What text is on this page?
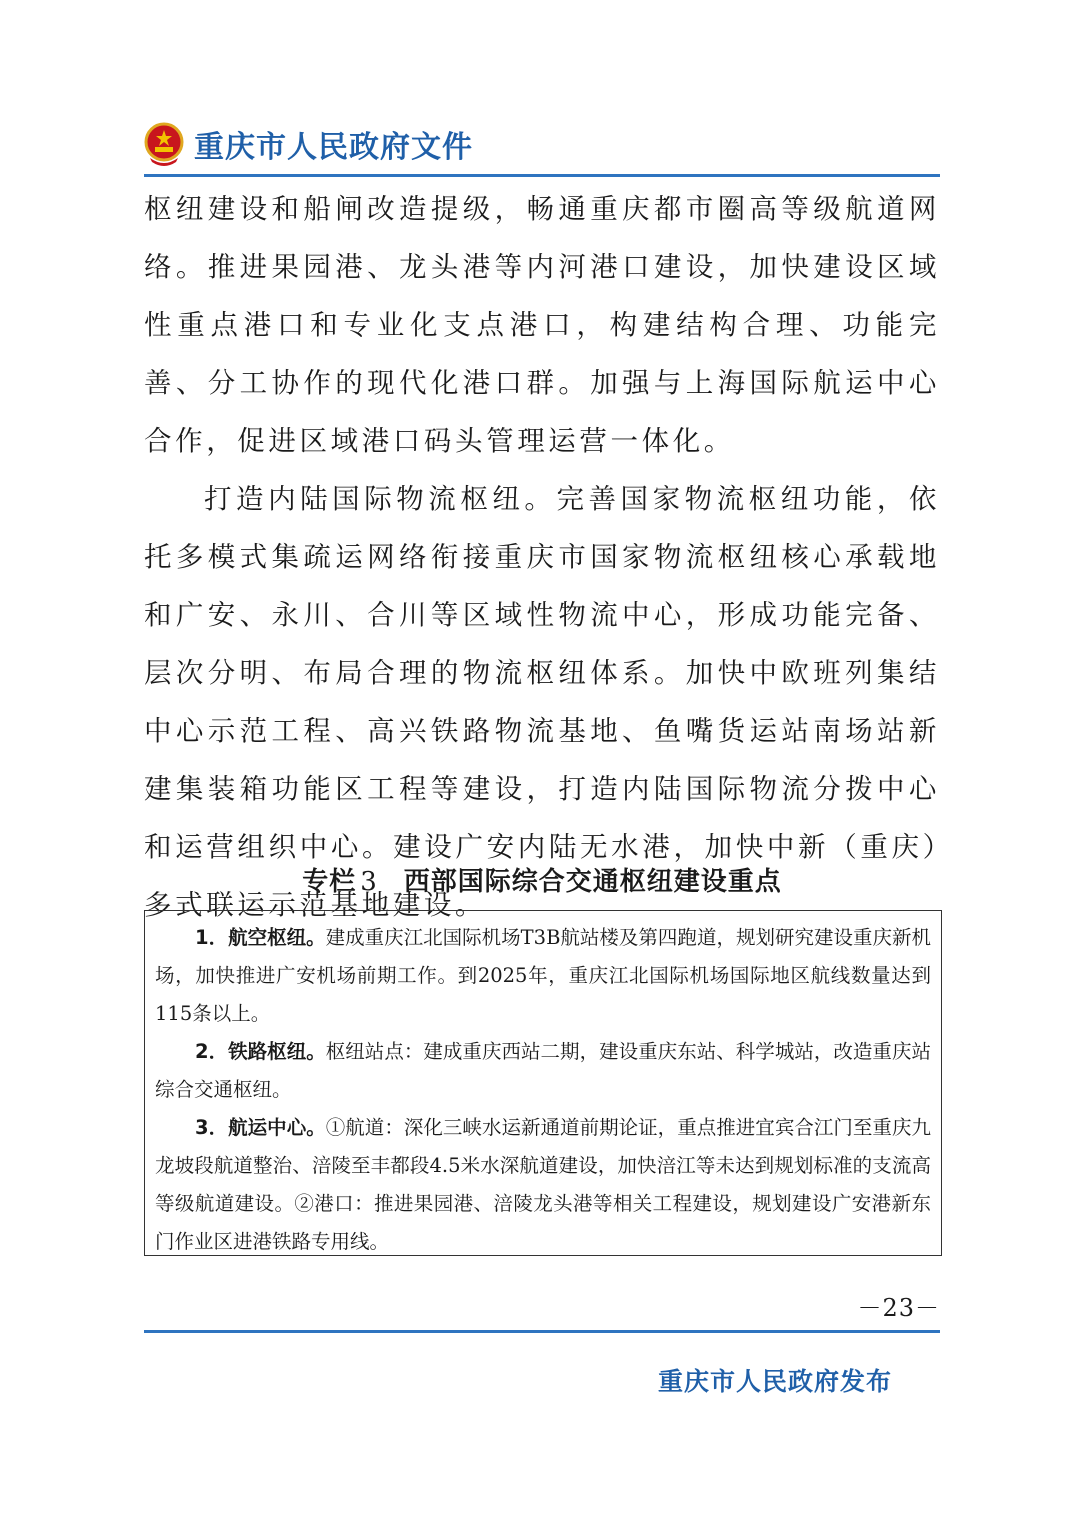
重庆市人民政府文件

枢纽建设和船闸改造提级，畅通重庆都市圈高等级航道网络。推进果园港、龙头港等内河港口建设，加快建设区域性重点港口和专业化支点港口，构建结构合理、功能完善、分工协作的现代化港口群。加强与上海国际航运中心合作，促进区域港口码头管理运营一体化。

打造内陆国际物流枢纽。完善国家物流枢纽功能，依托多模式集疏运网络衔接重庆市国家物流枢纽核心承载地和广安、永川、合川等区域性物流中心，形成功能完备、层次分明、布局合理的物流枢纽体系。加快中欧班列集结中心示范工程、高兴铁路物流基地、鱼嘴货运站南场站新建集装箱功能区工程等建设，打造内陆国际物流分拨中心和运营组织中心。建设广安内陆无水港，加快中新（重庆）多式联运示范基地建设。

专栏 3 西部国际综合交通枢纽建设重点

1．航空枢纽。建成重庆江北国际机场T3B航站楼及第四跑道，规划研究建设重庆新机场，加快推进广安机场前期工作。到2025年，重庆江北国际机场国际地区航线数量达到115条以上。

2．铁路枢纽。枢纽站点：建成重庆西站二期，建设重庆东站、科学城站，改造重庆站综合交通枢纽。

3．航运中心。①航道：深化三峡水运新通道前期论证，重点推进宜宾合江门至重庆九龙坡段航道整治、涪陵至丰都段4.5米水深航道建设，加快涪江等未达到规划标准的支流高等级航道建设。②港口：推进果园港、涪陵龙头港等相关工程建设，规划建设广安港新东门作业区进港铁路专用线。

－23－
重庆市人民政府发布
